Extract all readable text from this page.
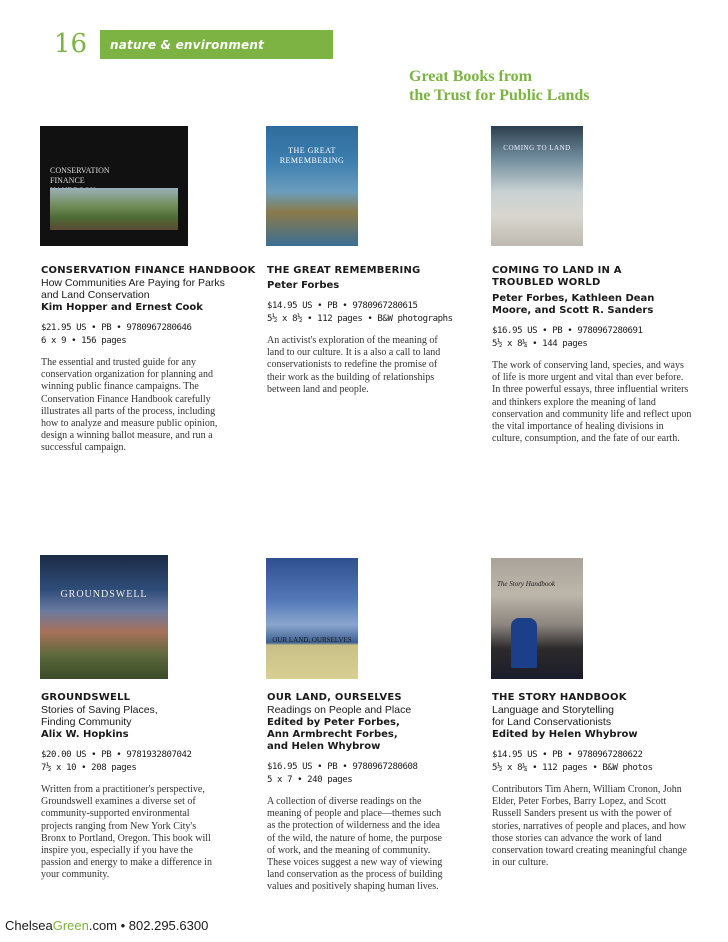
16 nature & environment
Great Books from
the Trust for Public Lands
CONSERVATION FINANCE
THE GREAT REMEMBERING
COMING TO LAND
CONSERVATION FINANCE HANDBOOK
How Communities Are Paying for Parks and Land Conservation
Kim Hopper and Ernest Cook
$21.95 US • PB • 9780967280646
6 x 9 • 156 pages
The essential and trusted guide for any conservation organization for planning and winning public finance campaigns. The Conservation Finance Handbook carefully illustrates all parts of the process, including how to analyze and measure public opinion, design a winning ballot measure, and run a successful campaign.
THE GREAT REMEMBERING
Peter Forbes
$14.95 US • PB • 9780967280615
5½ x 8½ • 112 pages • B&W photographs
An activist's exploration of the meaning of land to our culture. It is a also a call to land conservationists to redefine the promise of their work as the building of relationships between land and people.
COMING TO LAND IN A TROUBLED WORLD
Peter Forbes, Kathleen Dean Moore, and Scott R. Sanders
$16.95 US • PB • 9780967280691
5½ x 8¼ • 144 pages
The work of conserving land, species, and ways of life is more urgent and vital than ever before. In three powerful essays, three influential writers and thinkers explore the meaning of land conservation and community life and reflect upon the vital importance of healing divisions in culture, consumption, and the fate of our earth.
GROUNDSWELL
OUR LAND, OURSELVES
The Story Handbook
GROUNDSWELL
Stories of Saving Places, Finding Community
Alix W. Hopkins
$20.00 US • PB • 9781932807042
7½ x 10 • 208 pages
Written from a practitioner's perspective, Groundswell examines a diverse set of community-supported environmental projects ranging from New York City's Bronx to Portland, Oregon. This book will inspire you, especially if you have the passion and energy to make a difference in your community.
OUR LAND, OURSELVES
Readings on People and Place
Edited by Peter Forbes, Ann Armbrecht Forbes, and Helen Whybrow
$16.95 US • PB • 9780967280608
5 x 7 • 240 pages
A collection of diverse readings on the meaning of people and place—themes such as the protection of wilderness and the idea of the wild, the nature of home, the purpose of work, and the meaning of community. These voices suggest a new way of viewing land conservation as the process of building values and positively shaping human lives.
THE STORY HANDBOOK
Language and Storytelling for Land Conservationists
Edited by Helen Whybrow
$14.95 US • PB • 9780967280622
5½ x 8¼ • 112 pages • B&W photos
Contributors Tim Ahern, William Cronon, John Elder, Peter Forbes, Barry Lopez, and Scott Russell Sanders present us with the power of stories, narratives of people and places, and how those stories can advance the work of land conservation toward creating meaningful change in our culture.
ChelseaGreen.com • 802.295.6300
